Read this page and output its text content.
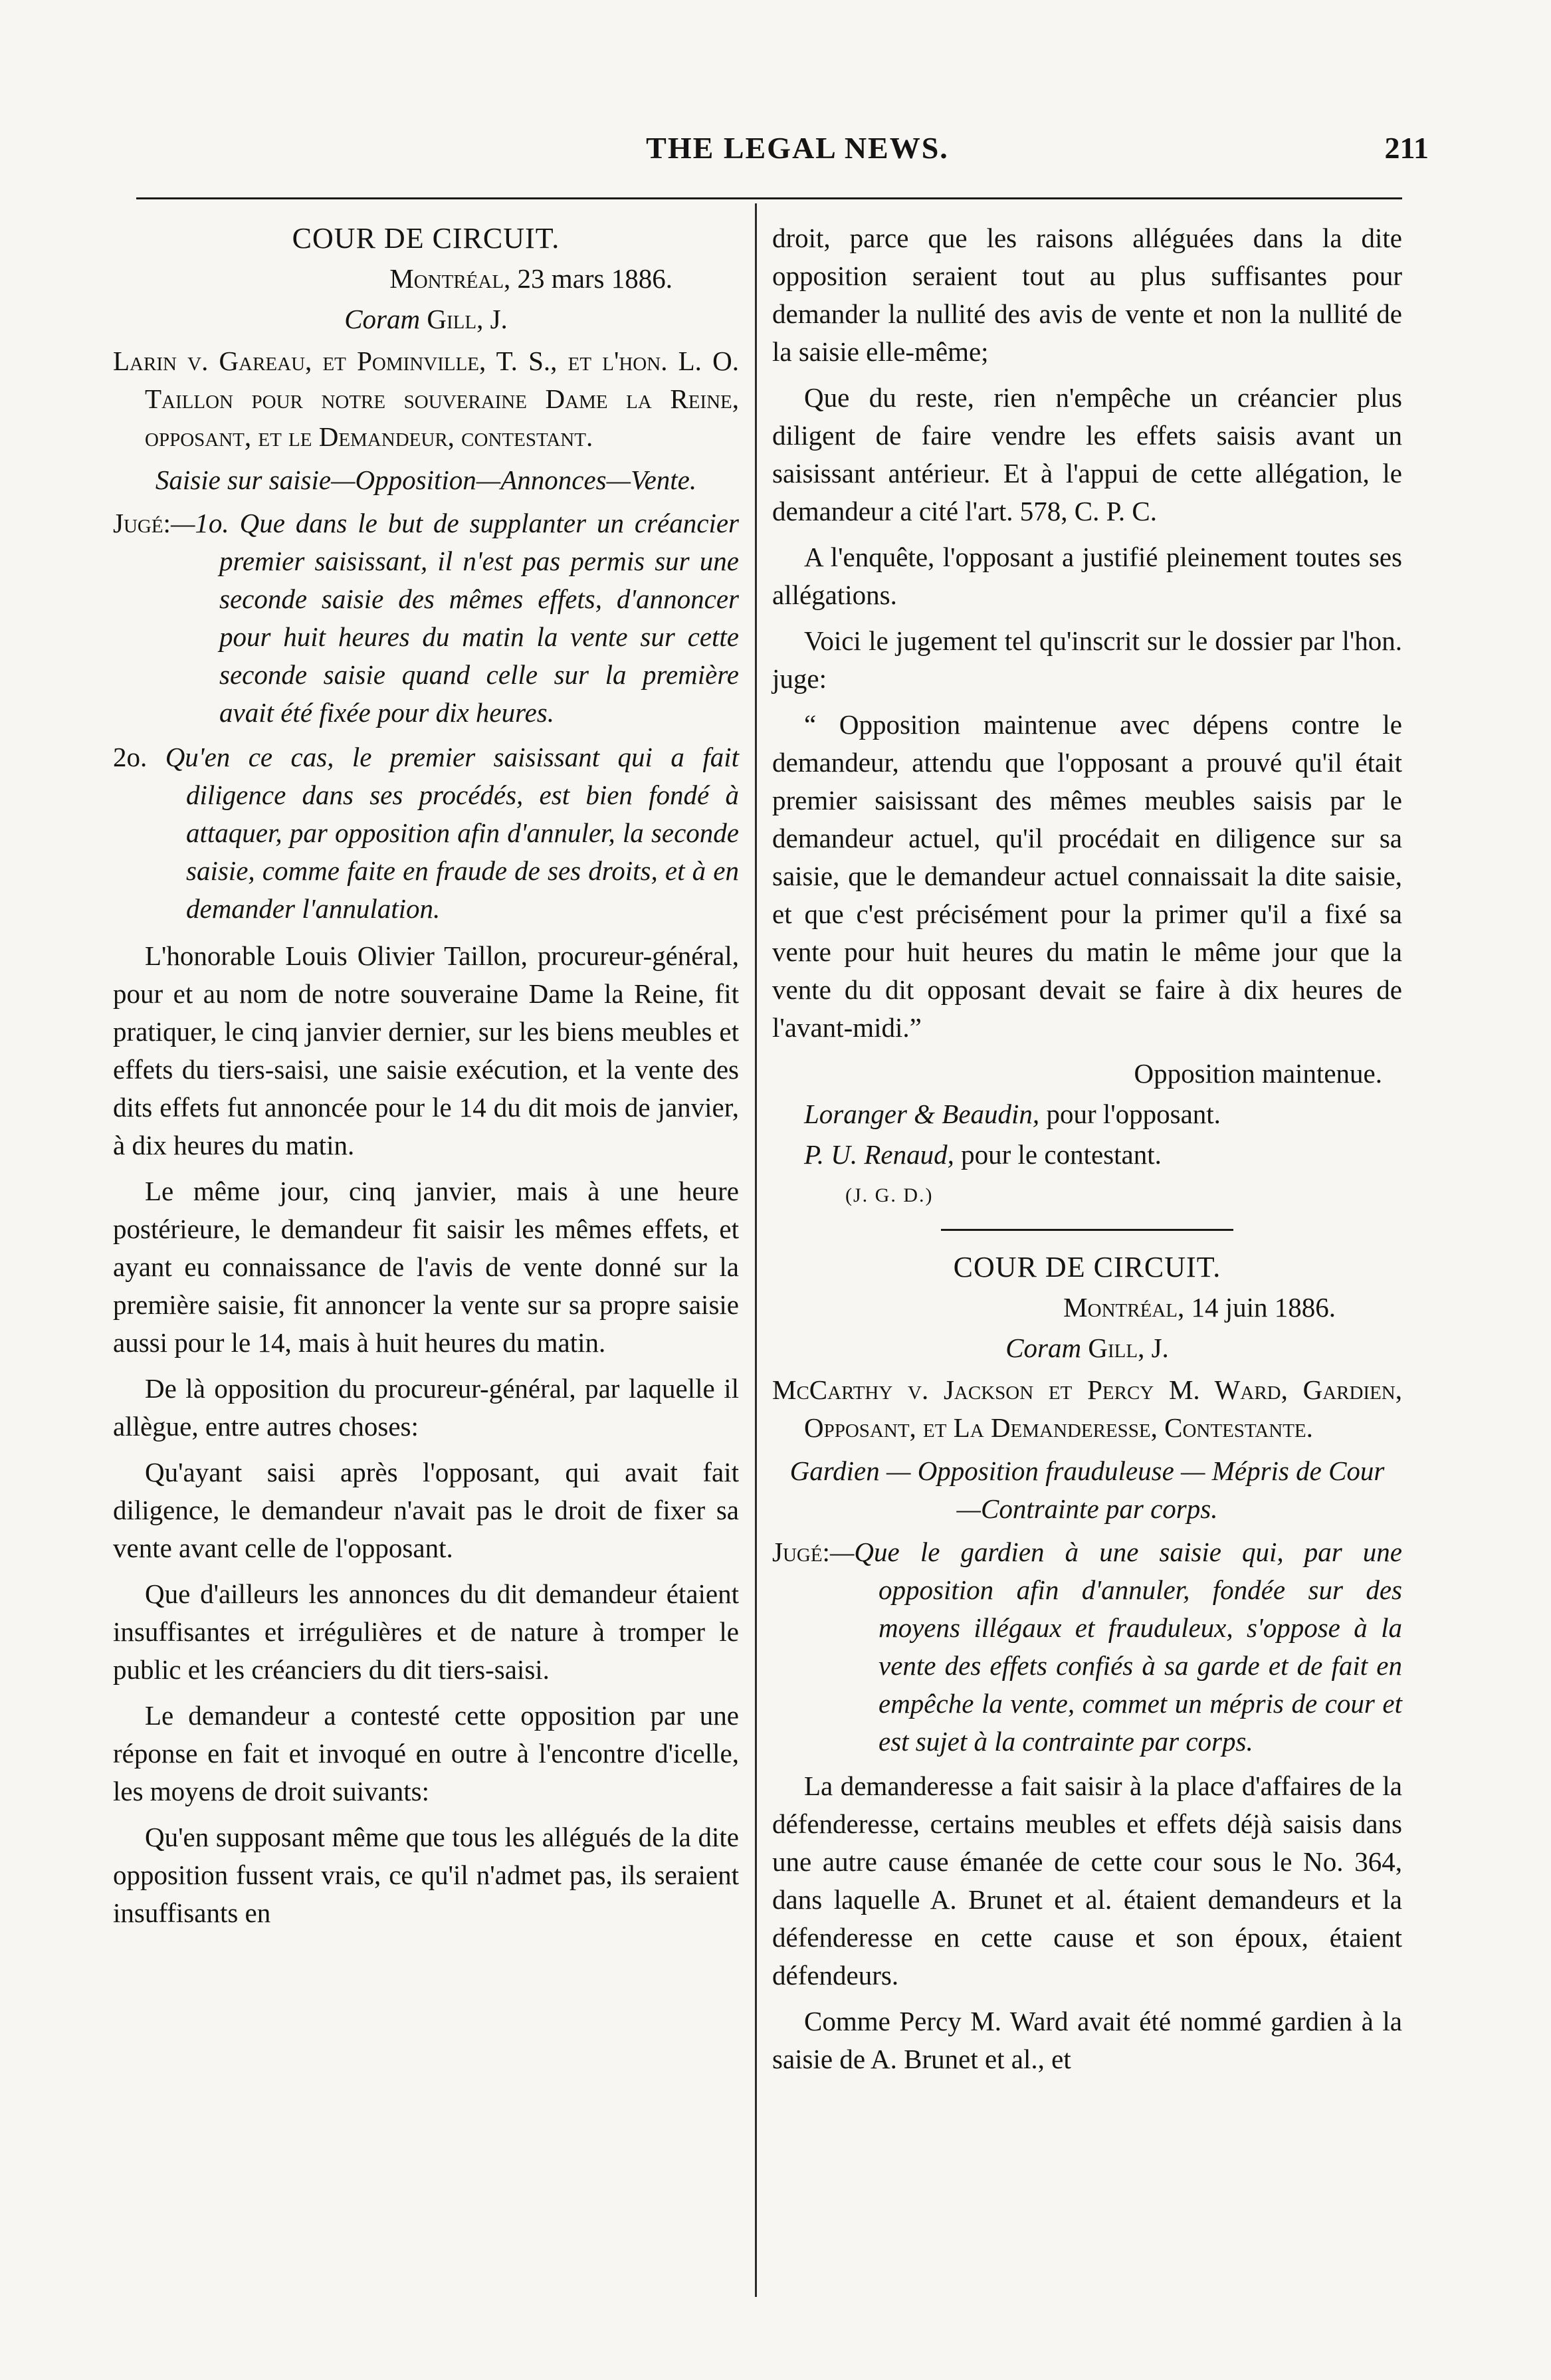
THE LEGAL NEWS.	211
COUR DE CIRCUIT.
Montréal, 23 mars 1886.
Coram Gill, J.
Larin v. Gareau, et Pominville, T. S., et l'hon. L. O. Taillon pour notre souveraine Dame la Reine, opposant, et le Demandeur, contestant.
Saisie sur saisie—Opposition—Annonces—Vente.
Jugé:—1o. Que dans le but de supplanter un créancier premier saisissant, il n'est pas permis sur une seconde saisie des mêmes effets, d'annoncer pour huit heures du matin la vente sur cette seconde saisie quand celle sur la première avait été fixée pour dix heures.
2o. Qu'en ce cas, le premier saisissant qui a fait diligence dans ses procédés, est bien fondé à attaquer, par opposition afin d'annuler, la seconde saisie, comme faite en fraude de ses droits, et à en demander l'annulation.

L'honorable Louis Olivier Taillon, procureur-général, pour et au nom de notre souveraine Dame la Reine, fit pratiquer, le cinq janvier dernier, sur les biens meubles et effets du tiers-saisi, une saisie exécution, et la vente des dits effets fut annoncée pour le 14 du dit mois de janvier, à dix heures du matin.

Le même jour, cinq janvier, mais à une heure postérieure, le demandeur fit saisir les mêmes effets, et ayant eu connaissance de l'avis de vente donné sur la première saisie, fit annoncer la vente sur sa propre saisie aussi pour le 14, mais à huit heures du matin.

De là opposition du procureur-général, par laquelle il allègue, entre autres choses:

Qu'ayant saisi après l'opposant, qui avait fait diligence, le demandeur n'avait pas le droit de fixer sa vente avant celle de l'opposant.

Que d'ailleurs les annonces du dit demandeur étaient insuffisantes et irrégulières et de nature à tromper le public et les créanciers du dit tiers-saisi.

Le demandeur a contesté cette opposition par une réponse en fait et invoqué en outre à l'encontre d'icelle, les moyens de droit suivants:

Qu'en supposant même que tous les allégués de la dite opposition fussent vrais, ce qu'il n'admet pas, ils seraient insuffisants en

droit, parce que les raisons alléguées dans la dite opposition seraient tout au plus suffisantes pour demander la nullité des avis de vente et non la nullité de la saisie elle-même;

Que du reste, rien n'empêche un créancier plus diligent de faire vendre les effets saisis avant un saisissant antérieur. Et à l'appui de cette allégation, le demandeur a cité l'art. 578, C. P. C.

A l'enquête, l'opposant a justifié pleinement toutes ses allégations.

Voici le jugement tel qu'inscrit sur le dossier par l'hon. juge:

“ Opposition maintenue avec dépens contre le demandeur, attendu que l'opposant a prouvé qu'il était premier saisissant des mêmes meubles saisis par le demandeur actuel, qu'il procédait en diligence sur sa saisie, que le demandeur actuel connaissait la dite saisie, et que c'est précisément pour la primer qu'il a fixé sa vente pour huit heures du matin le même jour que la vente du dit opposant devait se faire à dix heures de l'avant-midi.”

Opposition maintenue.
Loranger & Beaudin, pour l'opposant.
P. U. Renaud, pour le contestant.
(J. G. D.)
COUR DE CIRCUIT.
Montréal, 14 juin 1886.
Coram Gill, J.
McCarthy v. Jackson et Percy M. Ward, Gardien, Opposant, et La Demanderesse, Contestante.
Gardien — Opposition frauduleuse — Mépris de Cour—Contrainte par corps.
Jugé:—Que le gardien à une saisie qui, par une opposition afin d'annuler, fondée sur des moyens illégaux et frauduleux, s'oppose à la vente des effets confiés à sa garde et de fait en empêche la vente, commet un mépris de cour et est sujet à la contrainte par corps.

La demanderesse a fait saisir à la place d'affaires de la défenderesse, certains meubles et effets déjà saisis dans une autre cause émanée de cette cour sous le No. 364, dans laquelle A. Brunet et al. étaient demandeurs et la défenderesse en cette cause et son époux, étaient défendeurs.

Comme Percy M. Ward avait été nommé gardien à la saisie de A. Brunet et al., et
